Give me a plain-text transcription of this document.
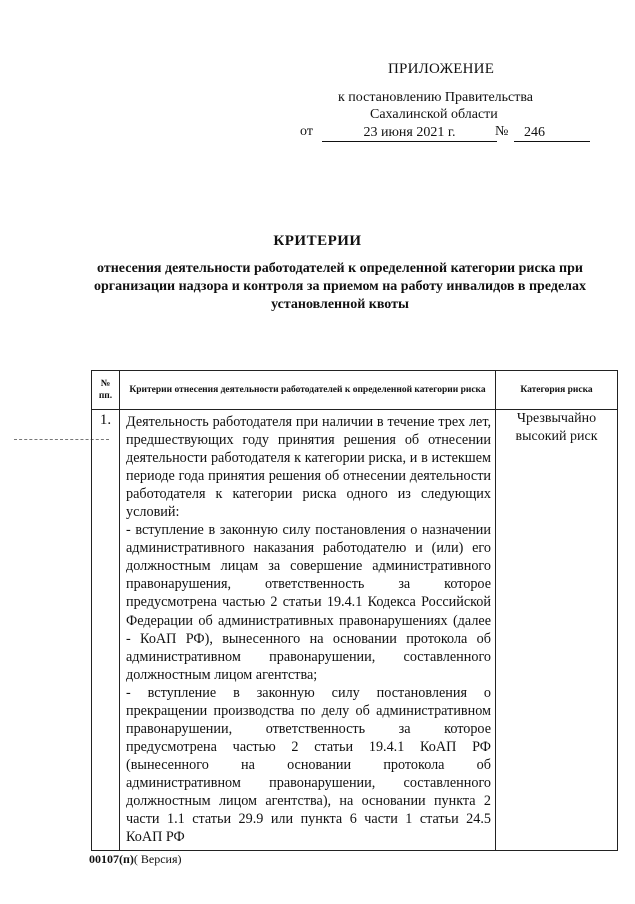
ПРИЛОЖЕНИЕ
к постановлению Правительства
Сахалинской области
от	23 июня 2021 г.	№	246
КРИТЕРИИ
отнесения деятельности работодателей к определенной категории риска при организации надзора и контроля за приемом на работу инвалидов в пределах установленной квоты
№ пп.	Критерии отнесения деятельности работодателей к определенной категории риска	Категория риска
1.	Деятельность работодателя при наличии в течение трех лет, предшествующих году принятия решения об отнесении деятельности работодателя к категории риска, и в истекшем периоде года принятия решения об отнесении деятельности работодателя к категории риска одного из следующих условий:
- вступление в законную силу постановления о назначении административного наказания работодателю и (или) его должностным лицам за совершение административного правонарушения, ответственность за которое предусмотрена частью 2 статьи 19.4.1 Кодекса Российской Федерации об административных правонарушениях (далее - КоАП РФ), вынесенного на основании протокола об административном правонарушении, составленного должностным лицом агентства;
- вступление в законную силу постановления о прекращении производства по делу об административном правонарушении, ответственность за которое предусмотрена частью 2 статьи 19.4.1 КоАП РФ (вынесенного на основании протокола об административном правонарушении, составленного должностным лицом агентства), на основании пункта 2 части 1.1 статьи 29.9 или пункта 6 части 1 статьи 24.5 КоАП РФ	Чрезвычайно высокий риск
00107(п)( Версия)
